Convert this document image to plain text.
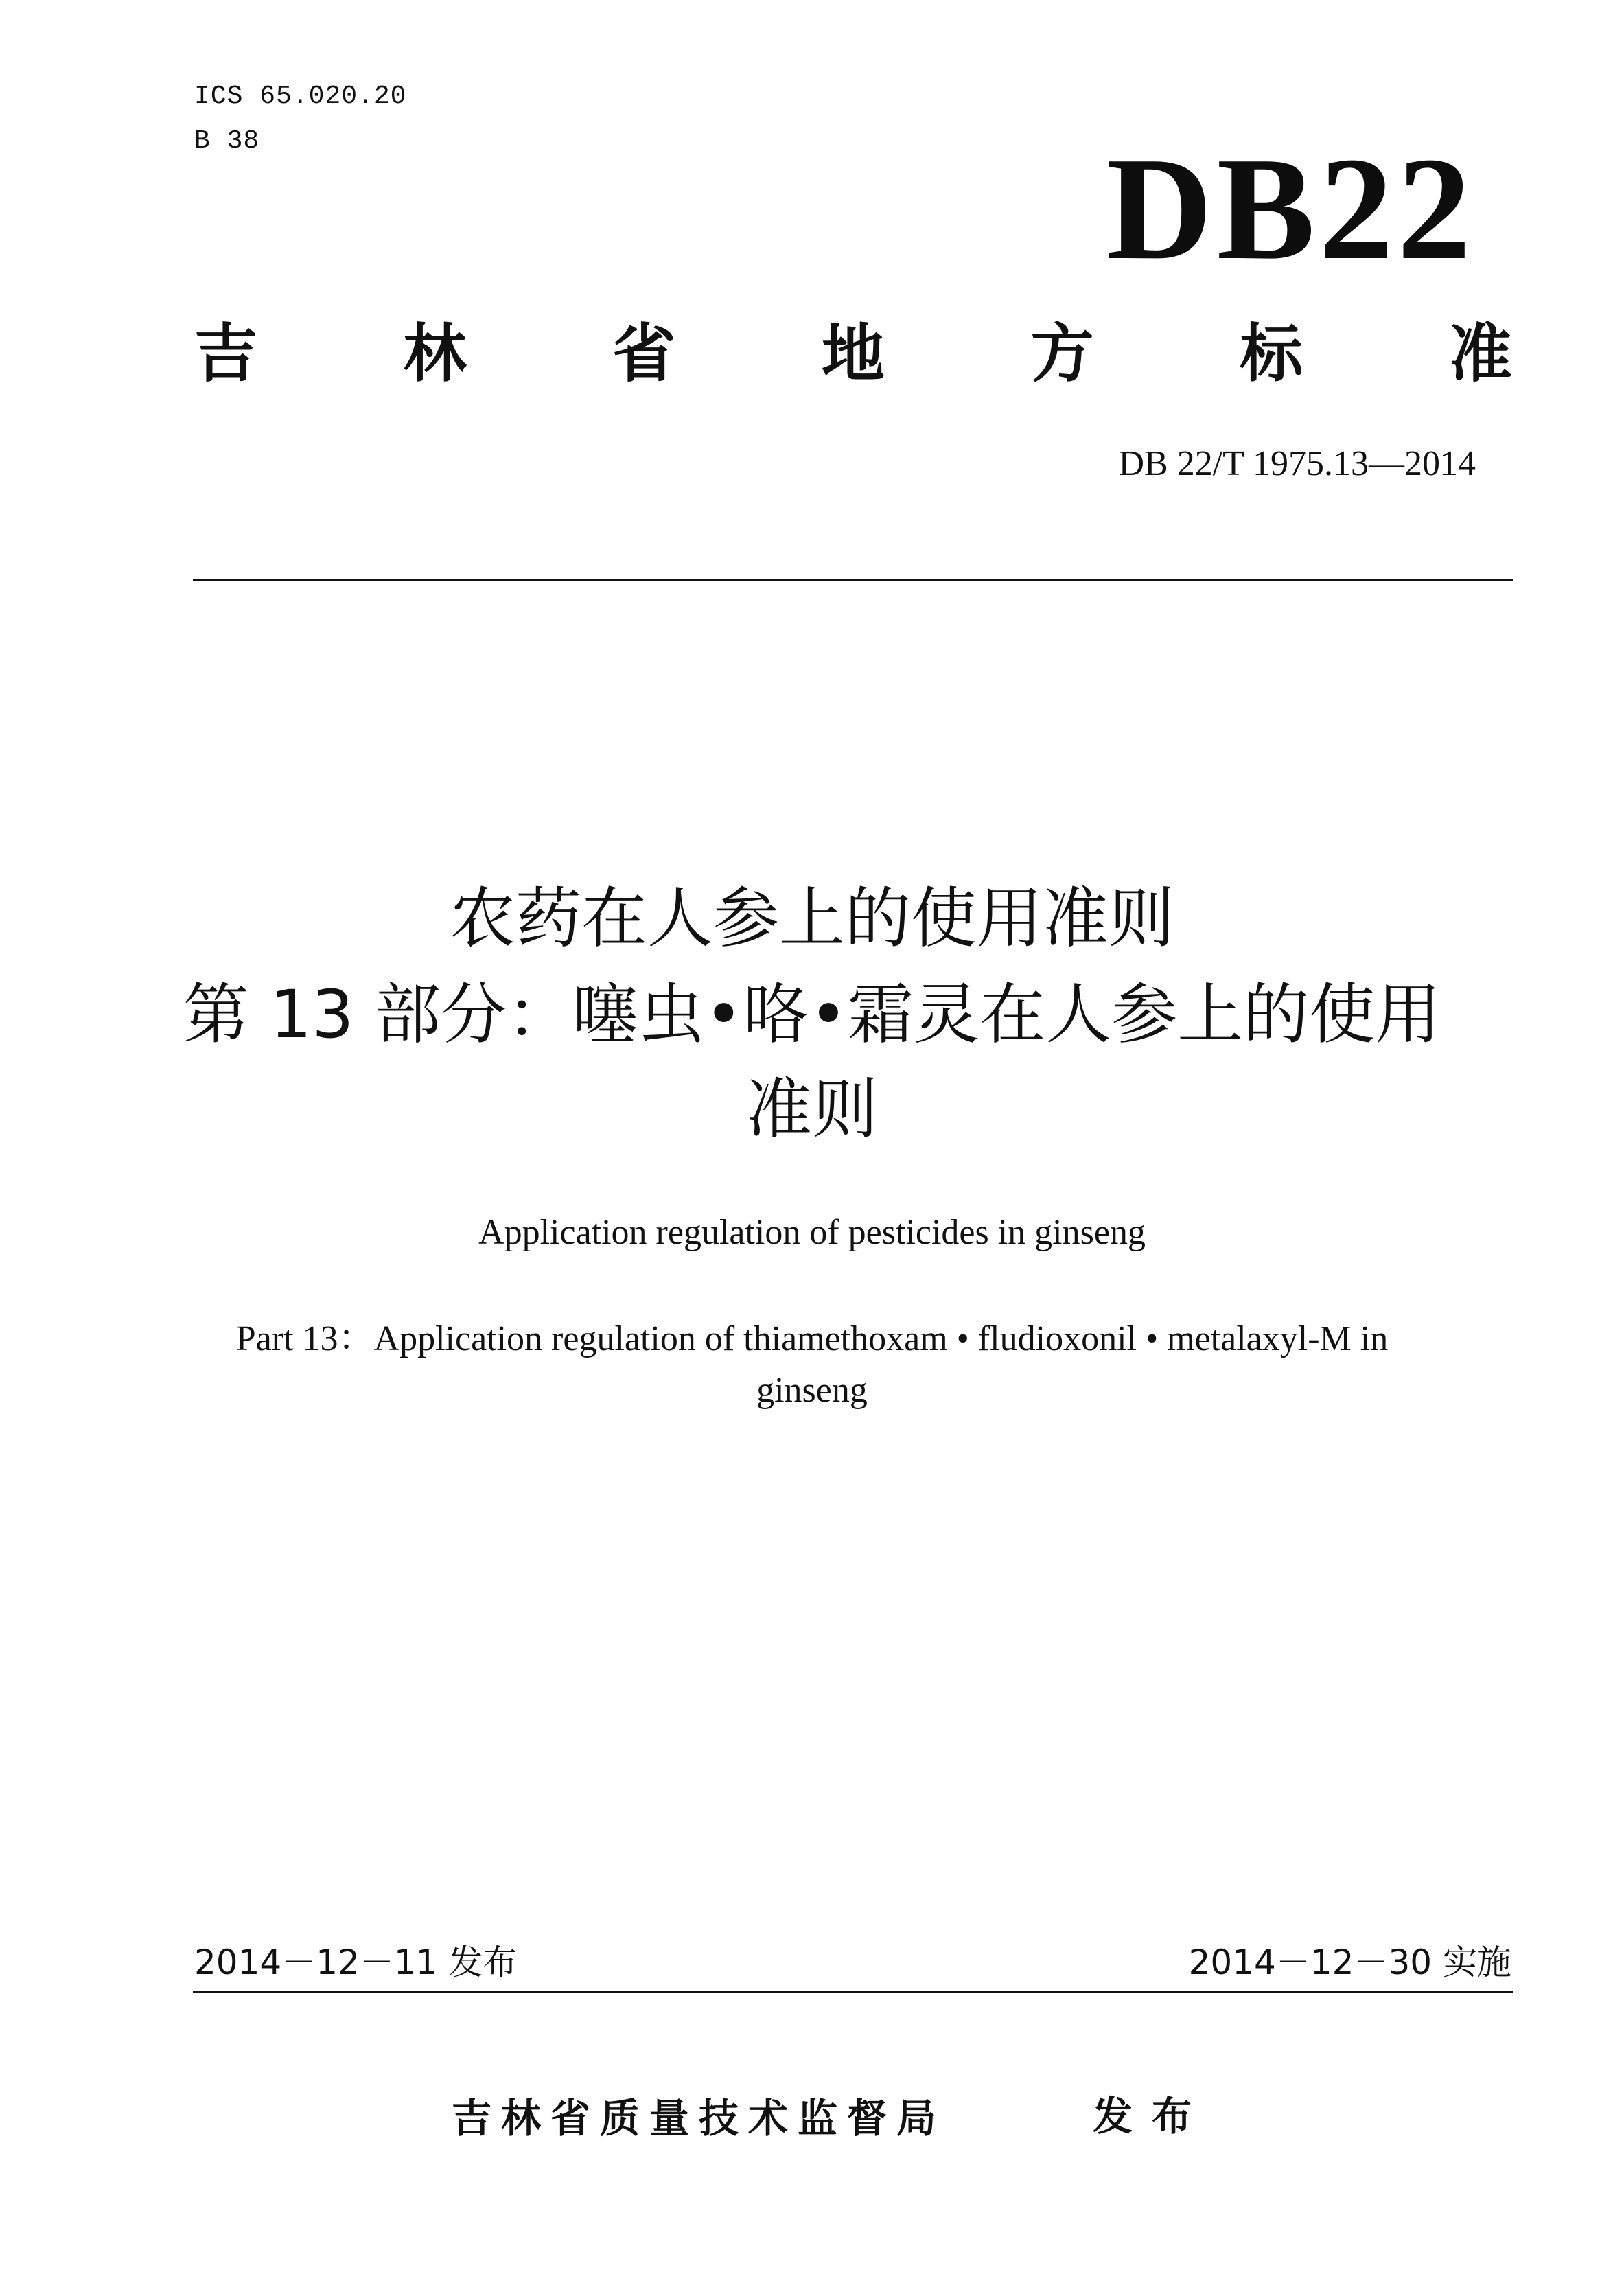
ICS 65.020.20
B 38	DB22
吉 林 省 地 方 标 准
DB 22/T 1975.13—2014
农药在人参上的使用准则
第 13 部分：噻虫•咯•霜灵在人参上的使用
准则
Application regulation of pesticides in ginseng
Part 13：Application regulation of thiamethoxam • fludioxonil • metalaxyl-M in
ginseng
2014－12－11 发布	2014－12－30 实施
吉林省质量技术监督局	发布
